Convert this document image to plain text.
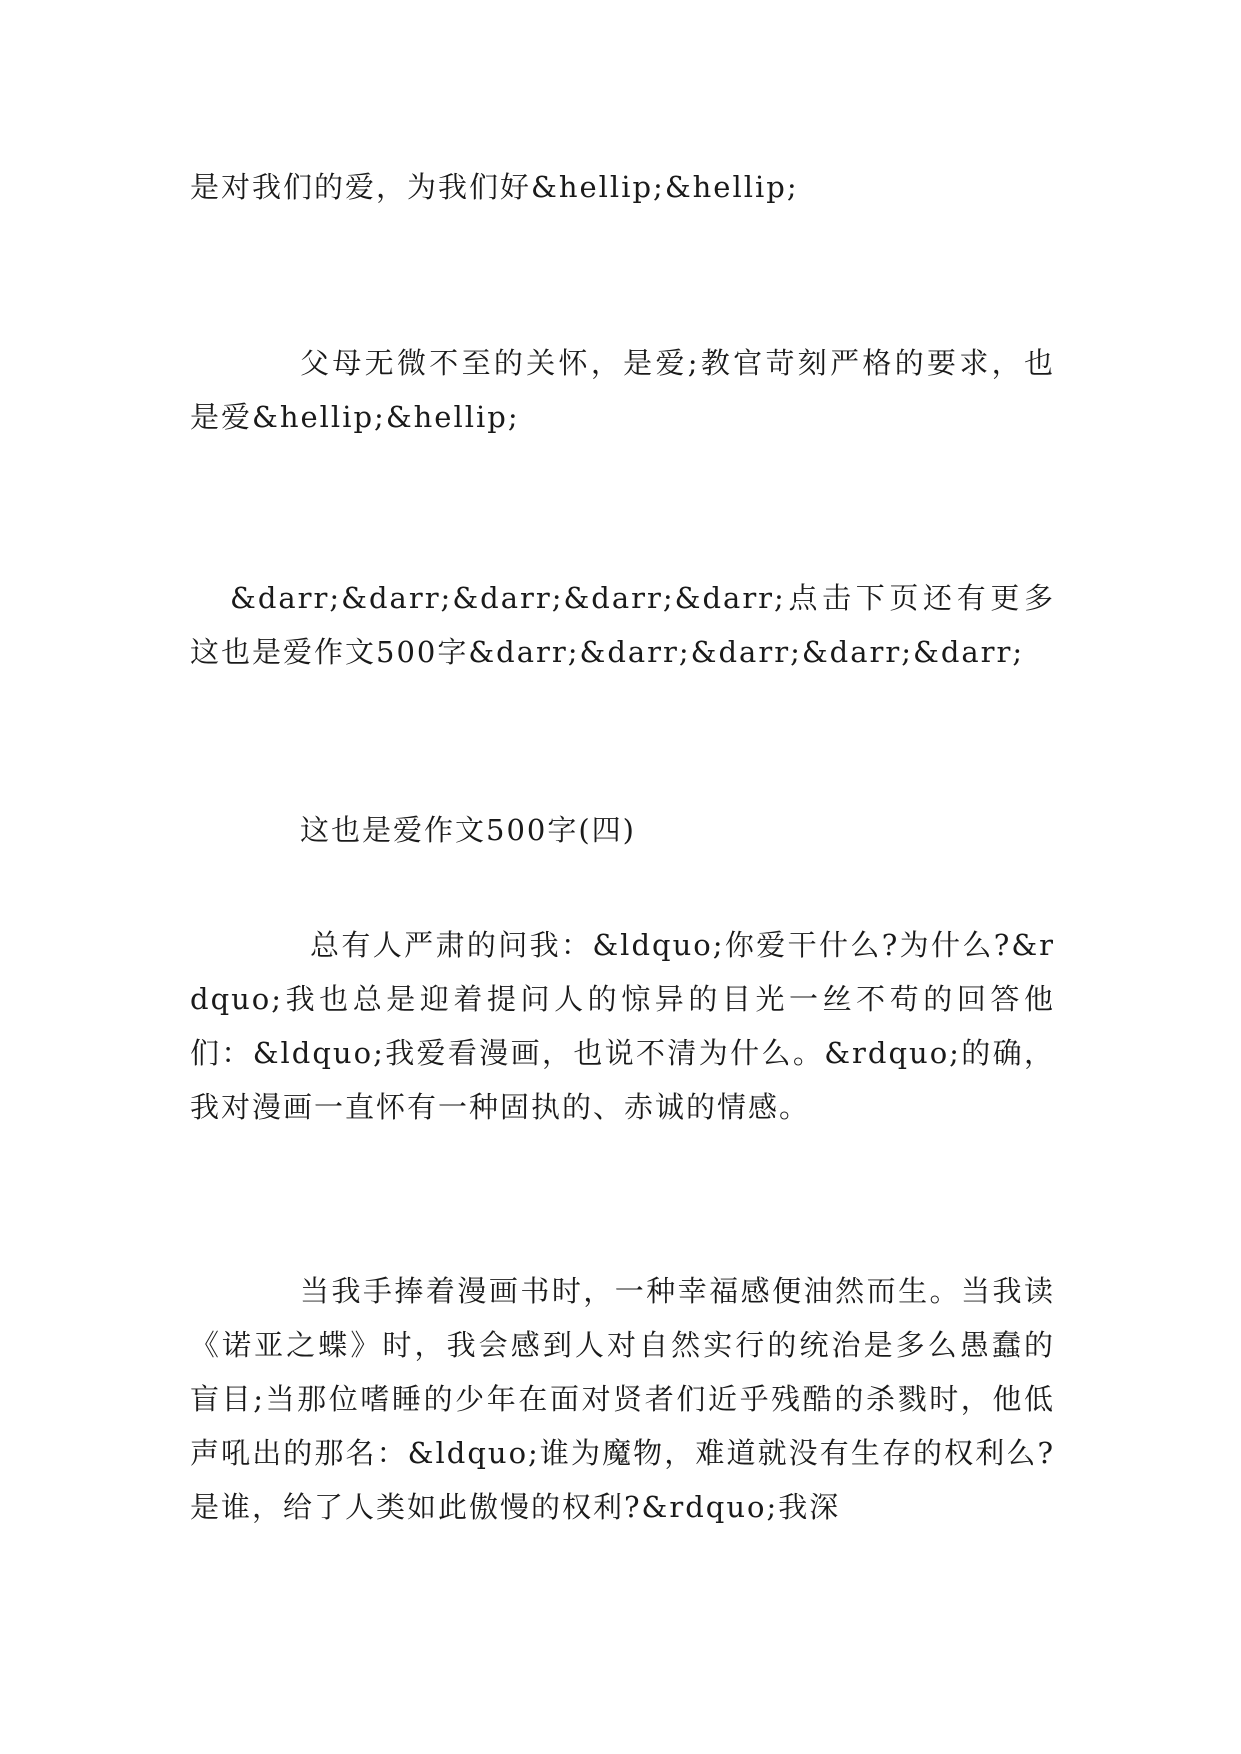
是对我们的爱，为我们好&hellip;&hellip;

父母无微不至的关怀，是爱;教官苛刻严格的要求，也是爱&hellip;&hellip;

&darr;&darr;&darr;&darr;&darr;点击下页还有更多这也是爱作文500字&darr;&darr;&darr;&darr;&darr;

这也是爱作文500字(四)

总有人严肃的问我：&ldquo;你爱干什么?为什么?&rdquo;我也总是迎着提问人的惊异的目光一丝不苟的回答他们：&ldquo;我爱看漫画，也说不清为什么。&rdquo;的确，我对漫画一直怀有一种固执的、赤诚的情感。

当我手捧着漫画书时，一种幸福感便油然而生。当我读《诺亚之蝶》时，我会感到人对自然实行的统治是多么愚蠢的盲目;当那位嗜睡的少年在面对贤者们近乎残酷的杀戮时，他低声吼出的那名：&ldquo;谁为魔物，难道就没有生存的权利么?是谁，给了人类如此傲慢的权利?&rdquo;我深
